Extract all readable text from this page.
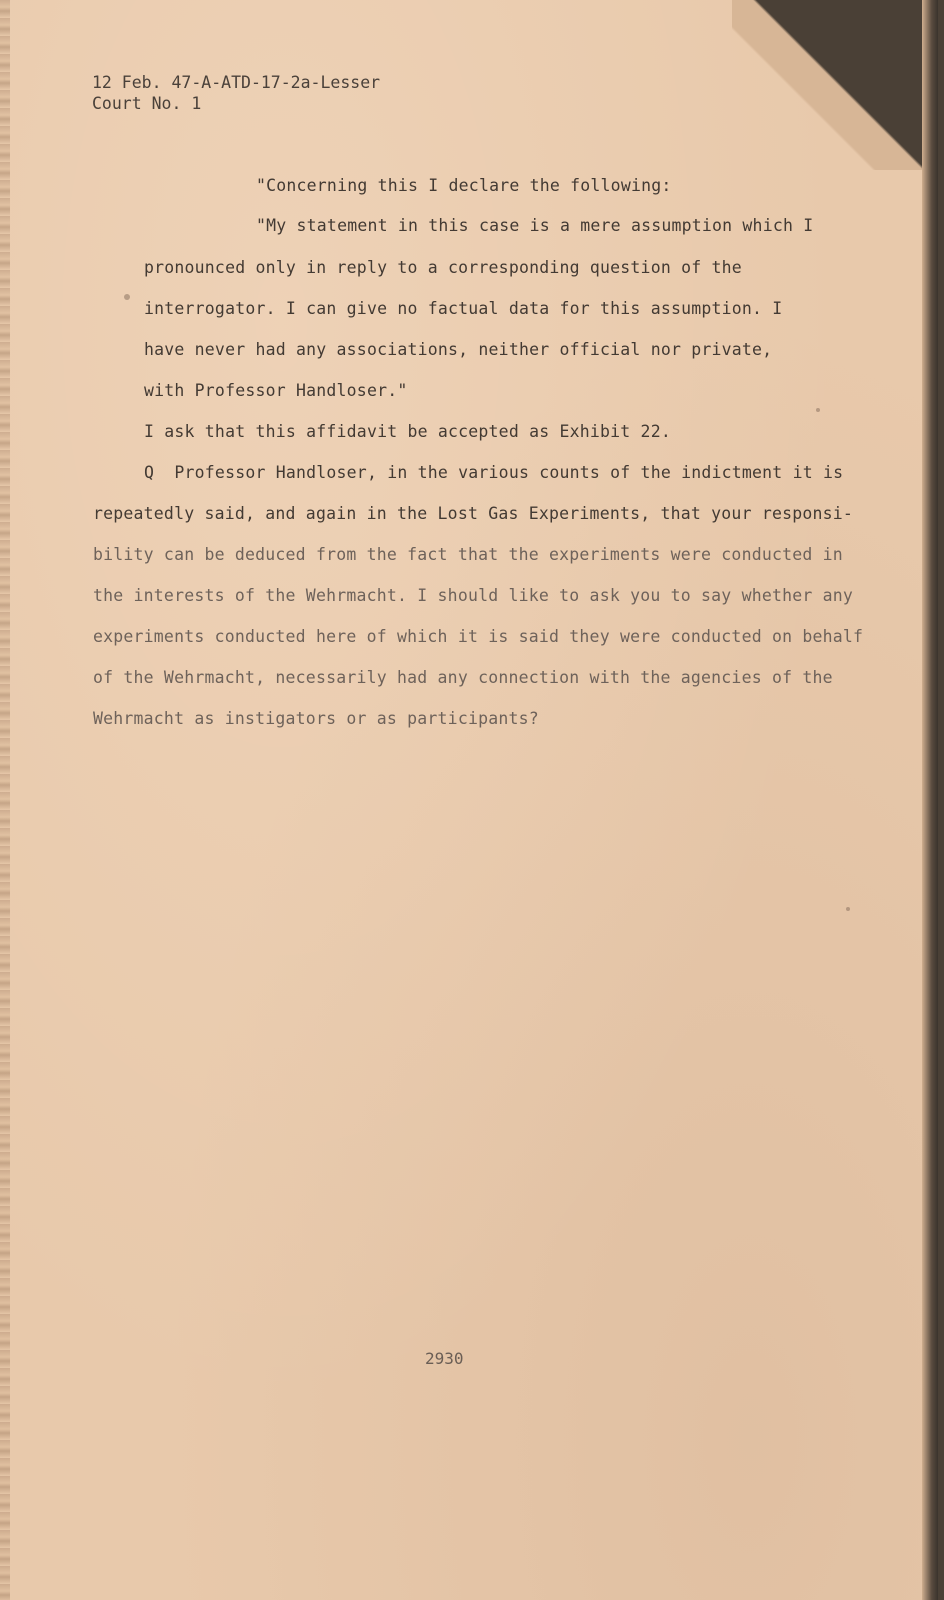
12 Feb. 47-A-ATD-17-2a-Lesser
Court No. 1
"Concerning this I declare the following:
"My statement in this case is a mere assumption which I
pronounced only in reply to a corresponding question of the
interrogator. I can give no factual data for this assumption. I
have never had any associations, neither official nor private,
with Professor Handloser."
I ask that this affidavit be accepted as Exhibit 22.
Q  Professor Handloser, in the various counts of the indictment it is
repeatedly said, and again in the Lost Gas Experiments, that your responsi-
bility can be deduced from the fact that the experiments were conducted in
the interests of the Wehrmacht. I should like to ask you to say whether any
experiments conducted here of which it is said they were conducted on behalf
of the Wehrmacht, necessarily had any connection with the agencies of the
Wehrmacht as instigators or as participants?
2930
